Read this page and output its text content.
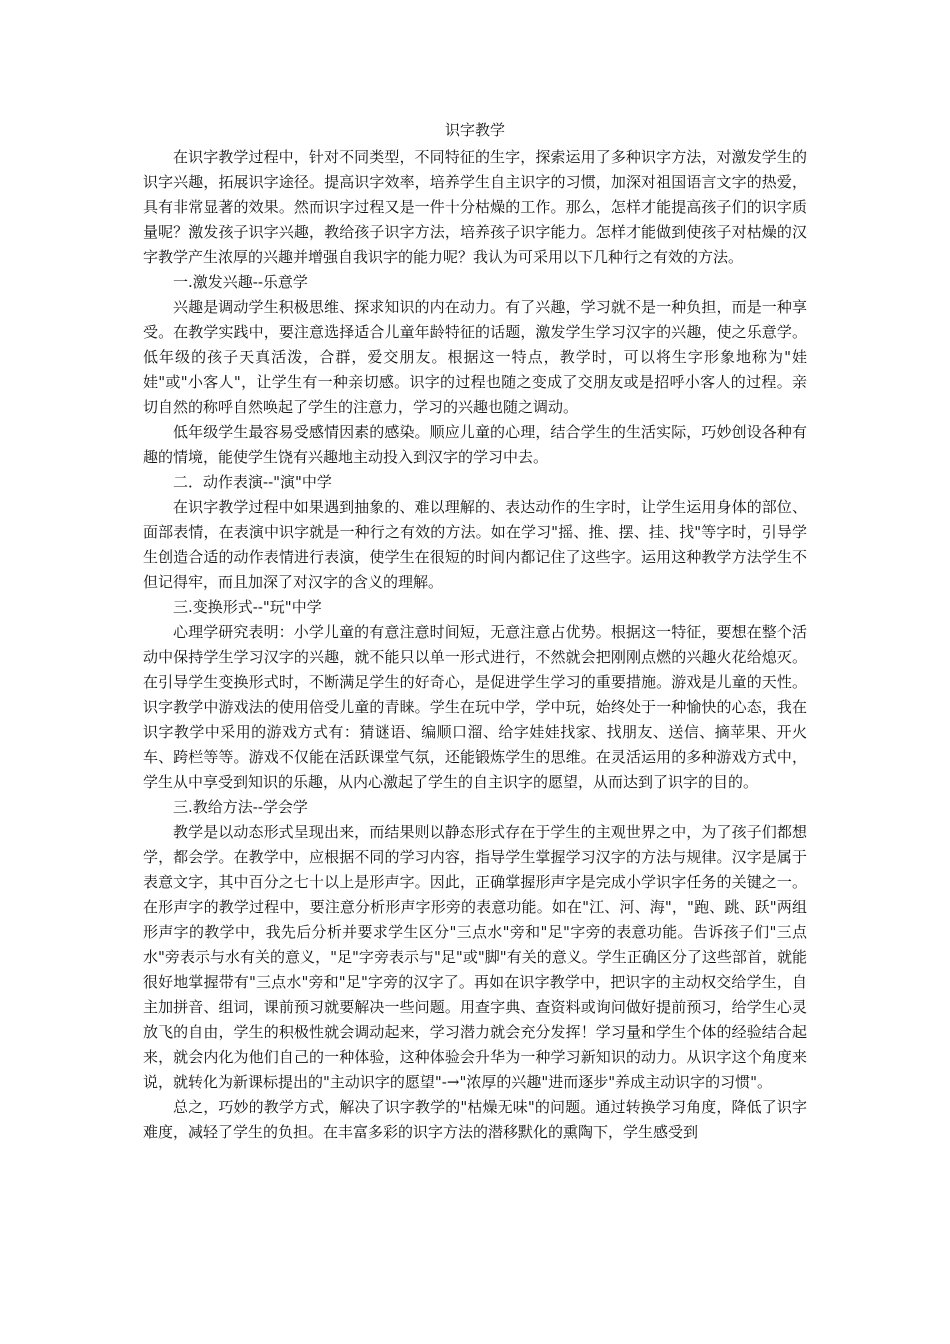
识字教学

在识字教学过程中，针对不同类型，不同特征的生字，探索运用了多种识字方法，对激发学生的识字兴趣，拓展识字途径。提高识字效率，培养学生自主识字的习惯，加深对祖国语言文字的热爱，具有非常显著的效果。然而识字过程又是一件十分枯燥的工作。那么，怎样才能提高孩子们的识字质量呢？激发孩子识字兴趣，教给孩子识字方法，培养孩子识字能力。怎样才能做到使孩子对枯燥的汉字教学产生浓厚的兴趣并增强自我识字的能力呢？我认为可采用以下几种行之有效的方法。

一.激发兴趣--乐意学

兴趣是调动学生积极思维、探求知识的内在动力。有了兴趣，学习就不是一种负担，而是一种享受。在教学实践中，要注意选择适合儿童年龄特征的话题，激发学生学习汉字的兴趣，使之乐意学。低年级的孩子天真活泼，合群，爱交朋友。根据这一特点，教学时，可以将生字形象地称为"娃娃"或"小客人"，让学生有一种亲切感。识字的过程也随之变成了交朋友或是招呼小客人的过程。亲切自然的称呼自然唤起了学生的注意力，学习的兴趣也随之调动。

低年级学生最容易受感情因素的感染。顺应儿童的心理，结合学生的生活实际，巧妙创设各种有趣的情境，能使学生饶有兴趣地主动投入到汉字的学习中去。

二．动作表演--"演"中学

在识字教学过程中如果遇到抽象的、难以理解的、表达动作的生字时，让学生运用身体的部位、面部表情，在表演中识字就是一种行之有效的方法。如在学习"摇、推、摆、挂、找"等字时，引导学生创造合适的动作表情进行表演，使学生在很短的时间内都记住了这些字。运用这种教学方法学生不但记得牢，而且加深了对汉字的含义的理解。

三.变换形式--"玩"中学

心理学研究表明：小学儿童的有意注意时间短，无意注意占优势。根据这一特征，要想在整个活动中保持学生学习汉字的兴趣，就不能只以单一形式进行，不然就会把刚刚点燃的兴趣火花给熄灭。在引导学生变换形式时，不断满足学生的好奇心，是促进学生学习的重要措施。游戏是儿童的天性。识字教学中游戏法的使用倍受儿童的青睐。学生在玩中学，学中玩，始终处于一种愉快的心态，我在识字教学中采用的游戏方式有：猜谜语、编顺口溜、给字娃娃找家、找朋友、送信、摘苹果、开火车、跨栏等等。游戏不仅能在活跃课堂气氛，还能锻炼学生的思维。在灵活运用的多种游戏方式中，学生从中享受到知识的乐趣，从内心激起了学生的自主识字的愿望，从而达到了识字的目的。

三.教给方法--学会学

教学是以动态形式呈现出来，而结果则以静态形式存在于学生的主观世界之中，为了孩子们都想学，都会学。在教学中，应根据不同的学习内容，指导学生掌握学习汉字的方法与规律。汉字是属于表意文字，其中百分之七十以上是形声字。因此，正确掌握形声字是完成小学识字任务的关键之一。在形声字的教学过程中，要注意分析形声字形旁的表意功能。如在"江、河、海"，"跑、跳、跃"两组形声字的教学中，我先后分析并要求学生区分"三点水"旁和"足"字旁的表意功能。告诉孩子们"三点水"旁表示与水有关的意义，"足"字旁表示与"足"或"脚"有关的意义。学生正确区分了这些部首，就能很好地掌握带有"三点水"旁和"足"字旁的汉字了。再如在识字教学中，把识字的主动权交给学生，自主加拼音、组词，课前预习就要解决一些问题。用查字典、查资料或询问做好提前预习，给学生心灵放飞的自由，学生的积极性就会调动起来，学习潜力就会充分发挥！学习量和学生个体的经验结合起来，就会内化为他们自己的一种体验，这种体验会升华为一种学习新知识的动力。从识字这个角度来说，就转化为新课标提出的"主动识字的愿望"-→"浓厚的兴趣"进而逐步"养成主动识字的习惯"。

总之，巧妙的教学方式，解决了识字教学的"枯燥无味"的问题。通过转换学习角度，降低了识字难度，减轻了学生的负担。在丰富多彩的识字方法的潜移默化的熏陶下，学生感受到
